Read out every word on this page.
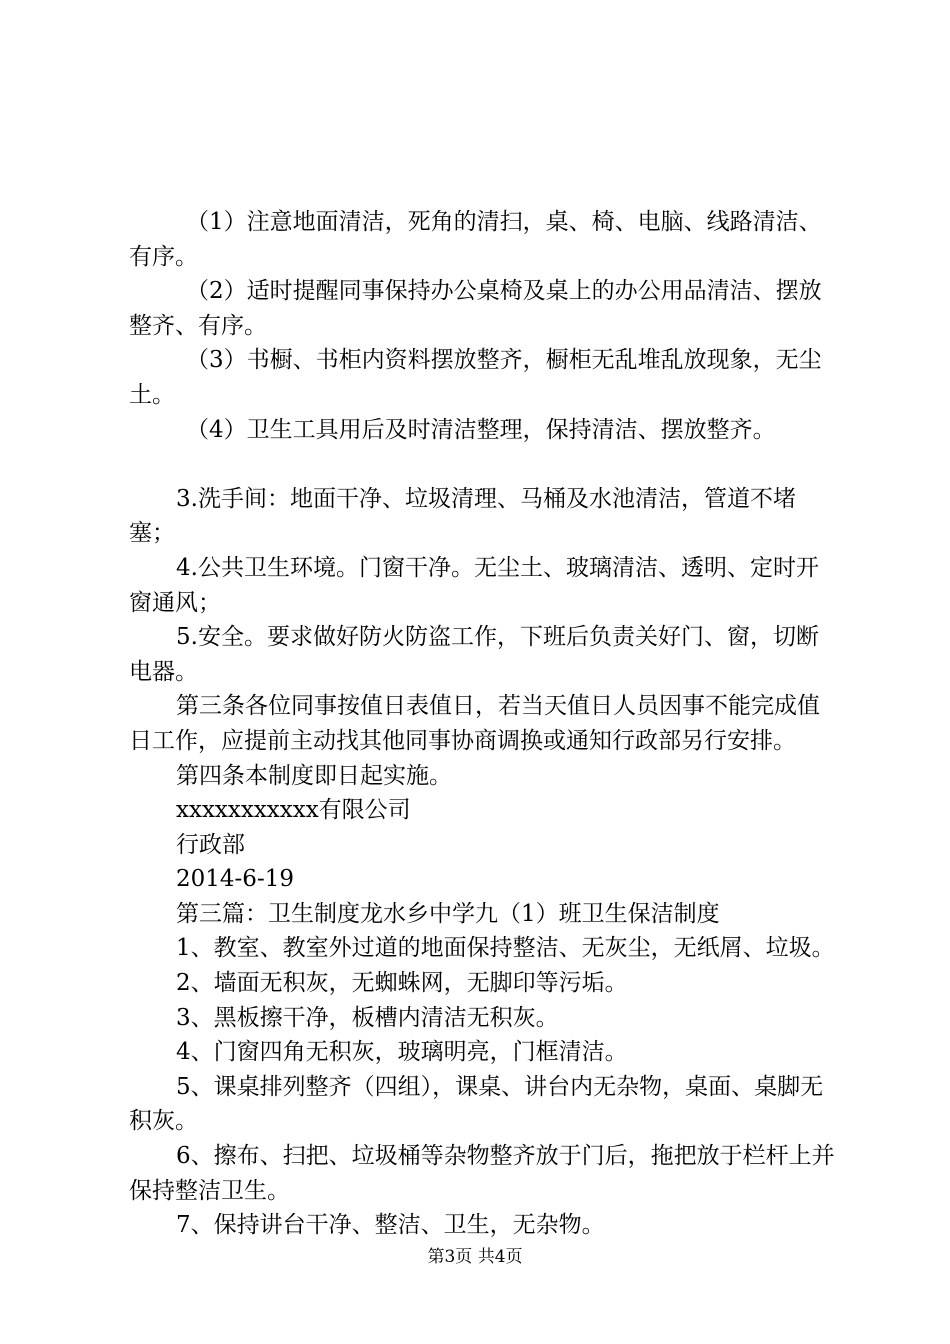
（1）注意地面清洁，死角的清扫，桌、椅、电脑、线路清洁、有序。

（2）适时提醒同事保持办公桌椅及桌上的办公用品清洁、摆放整齐、有序。

（3）书橱、书柜内资料摆放整齐，橱柜无乱堆乱放现象，无尘土。

（4）卫生工具用后及时清洁整理，保持清洁、摆放整齐。

3.洗手间：地面干净、垃圾清理、马桶及水池清洁，管道不堵塞；

4.公共卫生环境。门窗干净。无尘土、玻璃清洁、透明、定时开窗通风；

5.安全。要求做好防火防盗工作，下班后负责关好门、窗，切断电器。

第三条各位同事按值日表值日，若当天值日人员因事不能完成值日工作，应提前主动找其他同事协商调换或通知行政部另行安排。

第四条本制度即日起实施。

xxxxxxxxxxx有限公司

行政部

2014-6-19

第三篇：卫生制度龙水乡中学九（1）班卫生保洁制度

1、教室、教室外过道的地面保持整洁、无灰尘，无纸屑、垃圾。

2、墙面无积灰，无蜘蛛网，无脚印等污垢。

3、黑板擦干净，板槽内清洁无积灰。

4、门窗四角无积灰，玻璃明亮，门框清洁。

5、课桌排列整齐（四组），课桌、讲台内无杂物，桌面、桌脚无积灰。

6、擦布、扫把、垃圾桶等杂物整齐放于门后，拖把放于栏杆上并保持整洁卫生。

7、保持讲台干净、整洁、卫生，无杂物。

第3页 共4页
